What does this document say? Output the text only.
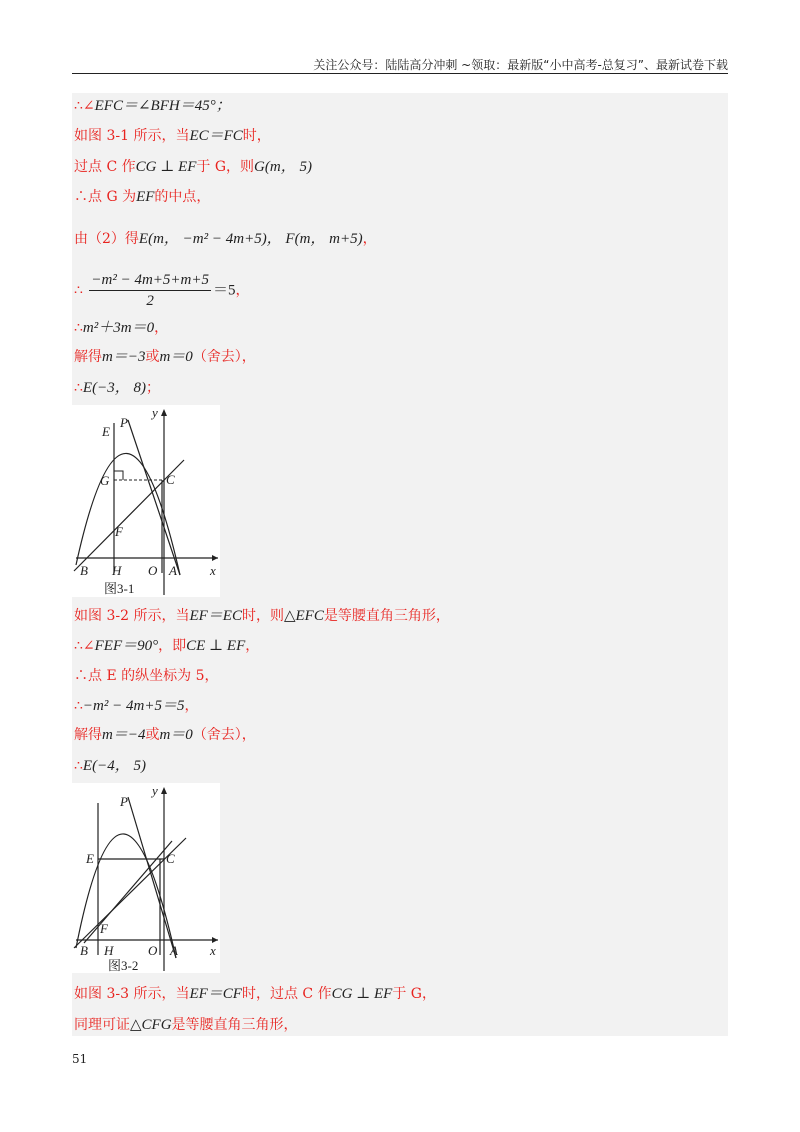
关注公众号：陆陆高分冲刺 ~领取：最新版“小中高考-总复习”、最新试卷下载
∴∠EFC＝∠BFH＝45°；
如图 3-1 所示，当EC＝FC时，
过点 C 作CG ⊥ EF于 G，则G(m， 5)
∴点 G 为EF的中点，
由（2）得E(m， −m² − 4m+5)， F(m， m+5)，
∴ $\frac{\text{−m² − 4m+5+m+5}}{2} =5$，
∴m²＋3m＝0，
解得m＝−3或m＝0（舍去），
∴E(−3， 8)；
y
x
P
E
G	C
F
B H O A
图3-1
如图 3-2 所示，当EF＝EC时，则△EFC是等腰直角三角形，
∴∠FEF＝90°，即CE ⊥ EF，
∴点 E 的纵坐标为 5，
∴−m² − 4m+5＝5，
解得m＝−4或m＝0（舍去），
∴E(−4， 5)
y
x
P
E	C
F
B H	O A
图3-2
如图 3-3 所示，当EF＝CF时，过点 C 作CG ⊥ EF于 G，
同理可证△CFG是等腰直角三角形，
51
